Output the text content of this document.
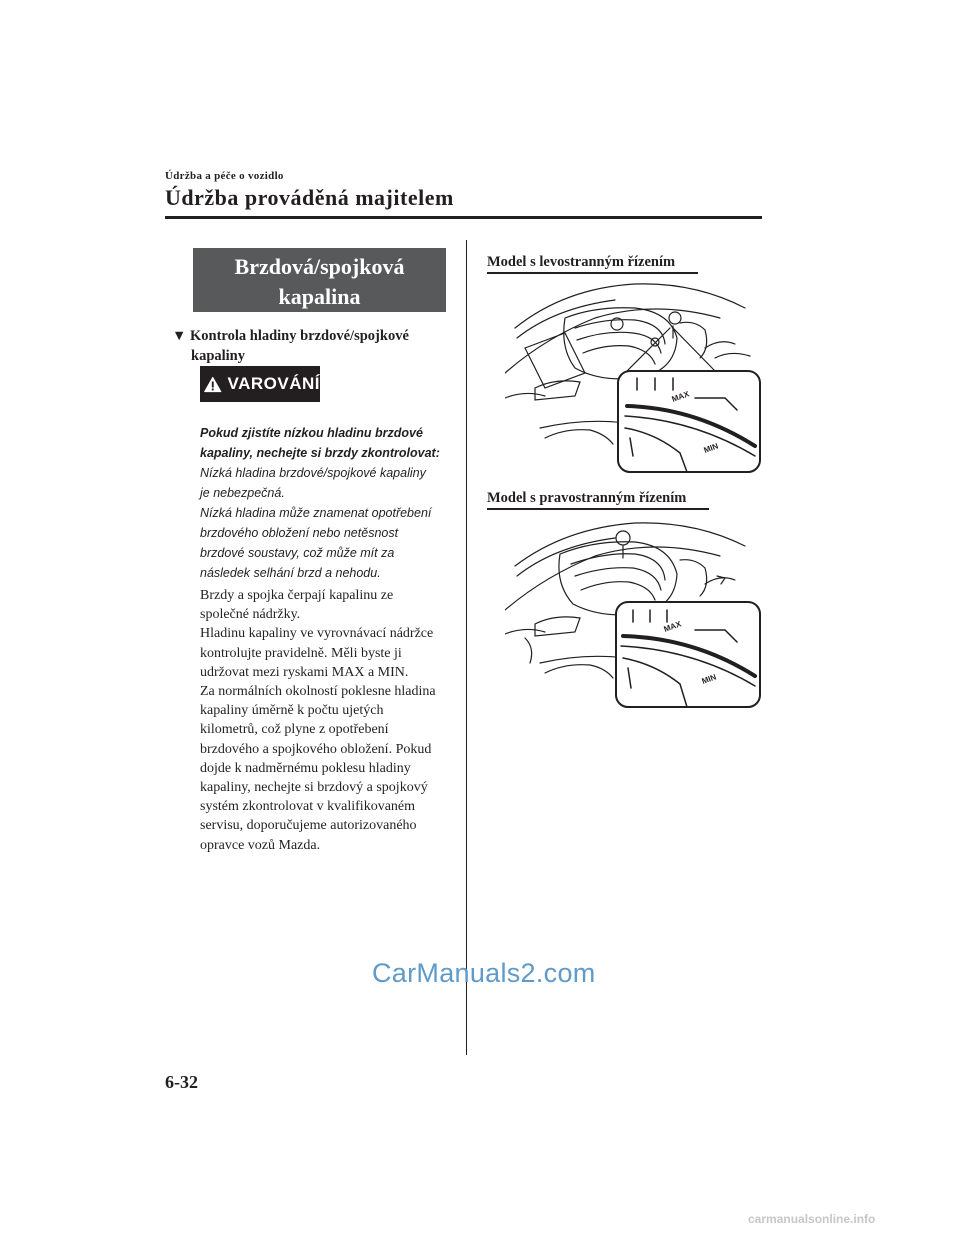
Údržba a péče o vozidlo
Údržba prováděná majitelem
Brzdová/spojková
kapalina
▼ Kontrola hladiny brzdové/spojkové
kapaliny
VAROVÁNÍ
Pokud zjistíte nízkou hladinu brzdové
kapaliny, nechejte si brzdy zkontrolovat:

Nízká hladina brzdové/spojkové kapaliny

je nebezpečná.

Nízká hladina může znamenat opotřebení

brzdového obložení nebo netěsnost

brzdové soustavy, což může mít za

následek selhání brzd a nehodu.

Brzdy a spojka čerpají kapalinu ze

společné nádržky.

Hladinu kapaliny ve vyrovnávací nádržce

kontrolujte pravidelně. Měli byste ji

udržovat mezi ryskami MAX a MIN.

Za normálních okolností poklesne hladina

kapaliny úměrně k počtu ujetých

kilometrů, což plyne z opotřebení

brzdového a spojkového obložení. Pokud

dojde k nadměrnému poklesu hladiny

kapaliny, nechejte si brzdový a spojkový

systém zkontrolovat v kvalifikovaném

servisu, doporučujeme autorizovaného

opravce vozů Mazda.

Model s levostranným řízením
Model s pravostranným řízením
MAX
MIN
MAX
MIN
6-32
CarManuals2.com
carmanualsonline.info
